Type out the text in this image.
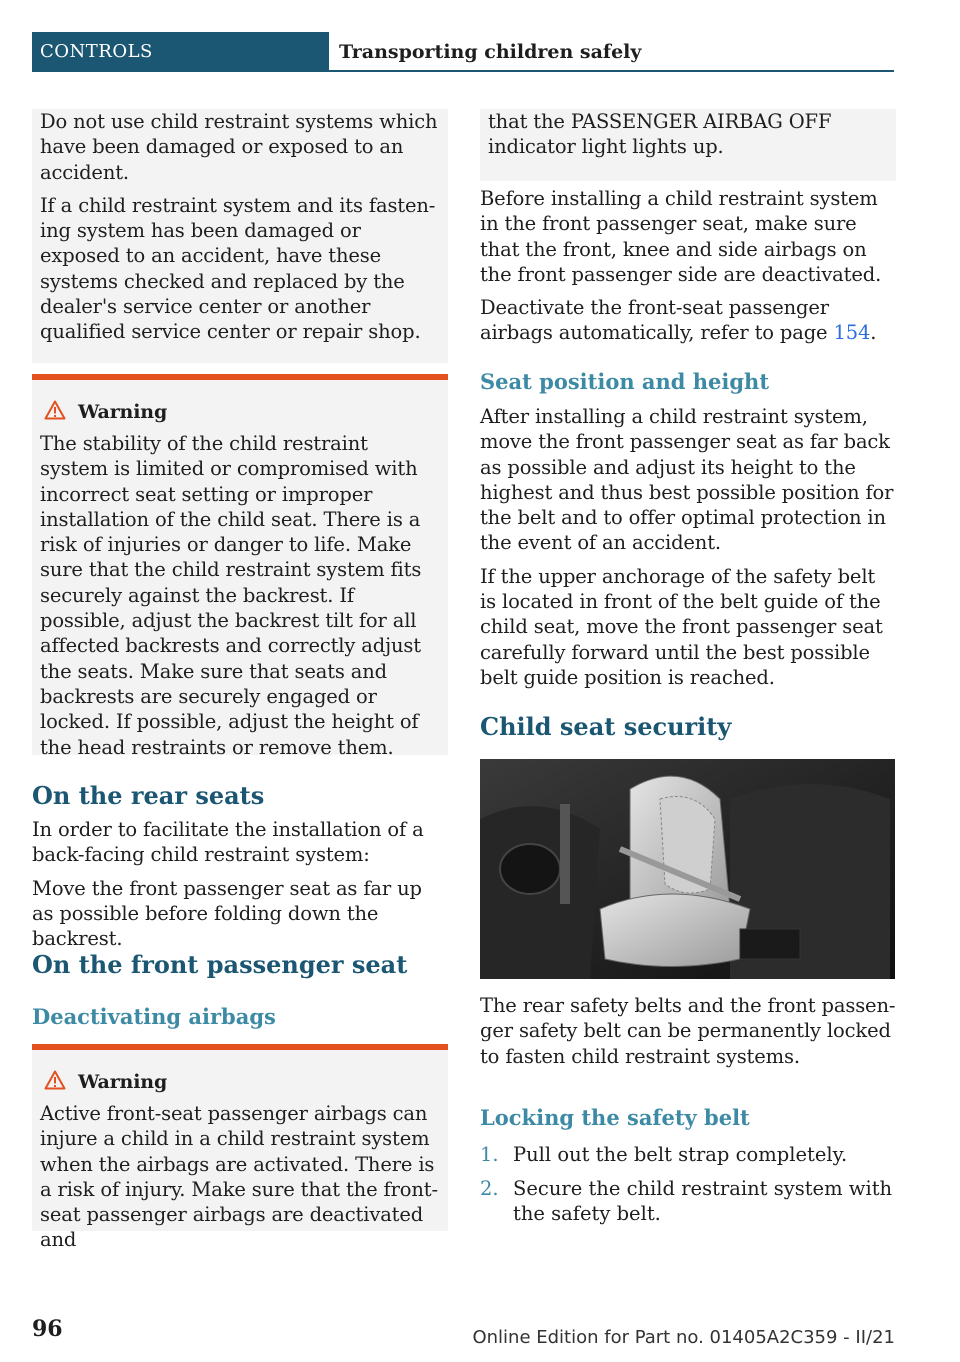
CONTROLS	Transporting children safely

Do not use child restraint systems which have been damaged or exposed to an accident.

If a child restraint system and its fastening system has been damaged or exposed to an accident, have these systems checked and replaced by the dealer's service center or another qualified service center or repair shop.

Warning

The stability of the child restraint system is limited or compromised with incorrect seat setting or improper installation of the child seat. There is a risk of injuries or danger to life. Make sure that the child restraint system fits securely against the backrest. If possible, adjust the backrest tilt for all affected backrests and correctly adjust the seats. Make sure that seats and backrests are securely engaged or locked. If possible, adjust the height of the head restraints or remove them.

On the rear seats

In order to facilitate the installation of a back-facing child restraint system:

Move the front passenger seat as far up as possible before folding down the backrest.

On the front passenger seat
Deactivating airbags

Warning

Active front-seat passenger airbags can injure a child in a child restraint system when the airbags are activated. There is a risk of injury. Make sure that the front-seat passenger airbags are deactivated and

that the PASSENGER AIRBAG OFF indicator light lights up.

Before installing a child restraint system in the front passenger seat, make sure that the front, knee and side airbags on the front passenger side are deactivated.

Deactivate the front-seat passenger airbags automatically, refer to page 154.

Seat position and height

After installing a child restraint system, move the front passenger seat as far back as possible and adjust its height to the highest and thus best possible position for the belt and to offer optimal protection in the event of an accident.

If the upper anchorage of the safety belt is located in front of the belt guide of the child seat, move the front passenger seat carefully forward until the best possible belt guide position is reached.

Child seat security

The rear safety belts and the front passenger safety belt can be permanently locked to fasten child restraint systems.

Locking the safety belt
1. Pull out the belt strap completely.
2. Secure the child restraint system with the safety belt.
96	Online Edition for Part no. 01405A2C359 - II/21
